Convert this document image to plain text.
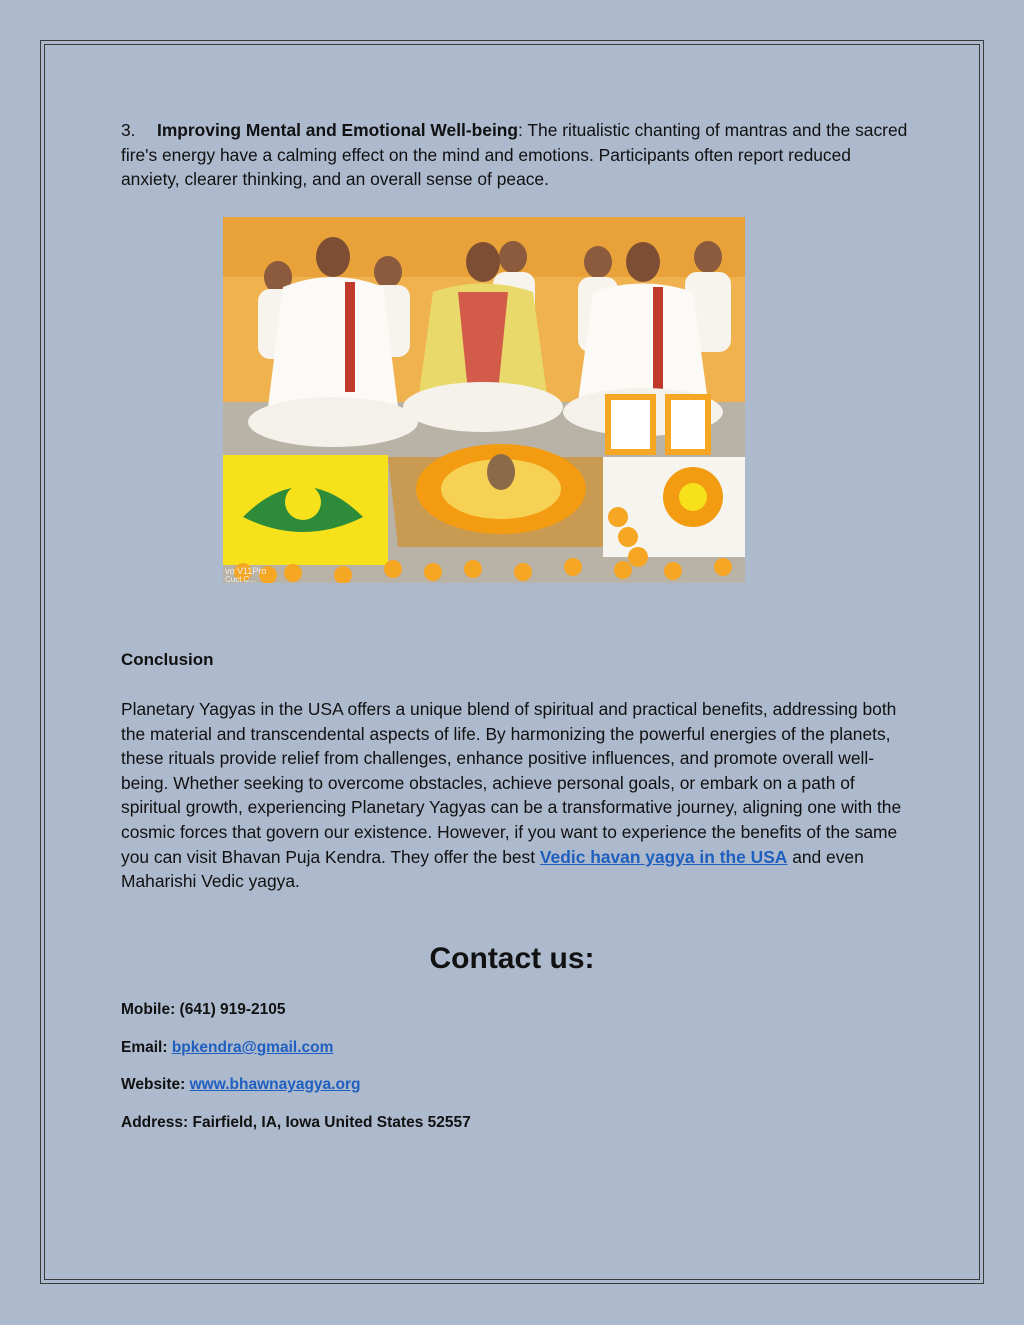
3. Improving Mental and Emotional Well-being: The ritualistic chanting of mantras and the sacred fire's energy have a calming effect on the mind and emotions. Participants often report reduced anxiety, clearer thinking, and an overall sense of peace.

vo V11Pro
Cuct C...

Conclusion

Planetary Yagyas in the USA offers a unique blend of spiritual and practical benefits, addressing both the material and transcendental aspects of life. By harmonizing the powerful energies of the planets, these rituals provide relief from challenges, enhance positive influences, and promote overall well-being. Whether seeking to overcome obstacles, achieve personal goals, or embark on a path of spiritual growth, experiencing Planetary Yagyas can be a transformative journey, aligning one with the cosmic forces that govern our existence. However, if you want to experience the benefits of the same you can visit Bhavan Puja Kendra. They offer the best Vedic havan yagya in the USA and even Maharishi Vedic yagya.

Contact us:

Mobile: (641) 919-2105

Email: bpkendra@gmail.com

Website: www.bhawnayagya.org

Address: Fairfield, IA, Iowa United States 52557
